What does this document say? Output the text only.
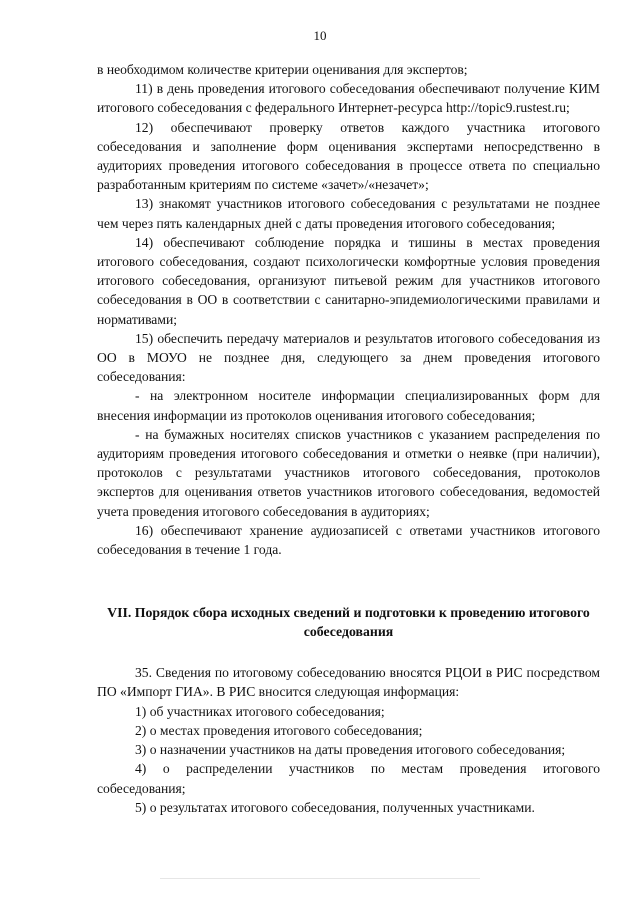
10

в необходимом количестве критерии оценивания для экспертов;

11) в день проведения итогового собеседования обеспечивают получение КИМ итогового собеседования с федерального Интернет-ресурса http://topic9.rustest.ru;

12) обеспечивают проверку ответов каждого участника итогового собеседования и заполнение форм оценивания экспертами непосредственно в аудиториях проведения итогового собеседования в процессе ответа по специально разработанным критериям по системе «зачет»/«незачет»;

13) знакомят участников итогового собеседования с результатами не позднее чем через пять календарных дней с даты проведения итогового собеседования;

14) обеспечивают соблюдение порядка и тишины в местах проведения итогового собеседования, создают психологически комфортные условия проведения итогового собеседования, организуют питьевой режим для участников итогового собеседования в ОО в соответствии с санитарно-эпидемиологическими правилами и нормативами;

15) обеспечить передачу материалов и результатов итогового собеседования из ОО в МОУО не позднее дня, следующего за днем проведения итогового собеседования:

- на электронном носителе информации специализированных форм для внесения информации из протоколов оценивания итогового собеседования;

- на бумажных носителях списков участников с указанием распределения по аудиториям проведения итогового собеседования и отметки о неявке (при наличии), протоколов с результатами участников итогового собеседования, протоколов экспертов для оценивания ответов участников итогового собеседования, ведомостей учета проведения итогового собеседования в аудиториях;

16) обеспечивают хранение аудиозаписей с ответами участников итогового собеседования в течение 1 года.

VII. Порядок сбора исходных сведений и подготовки к проведению итогового собеседования

35. Сведения по итоговому собеседованию вносятся РЦОИ в РИС посредством ПО «Импорт ГИА». В РИС вносится следующая информация:

1) об участниках итогового собеседования;

2) о местах проведения итогового собеседования;

3) о назначении участников на даты проведения итогового собеседования;

4) о распределении участников по местам проведения итогового собеседования;

5) о результатах итогового собеседования, полученных участниками.
